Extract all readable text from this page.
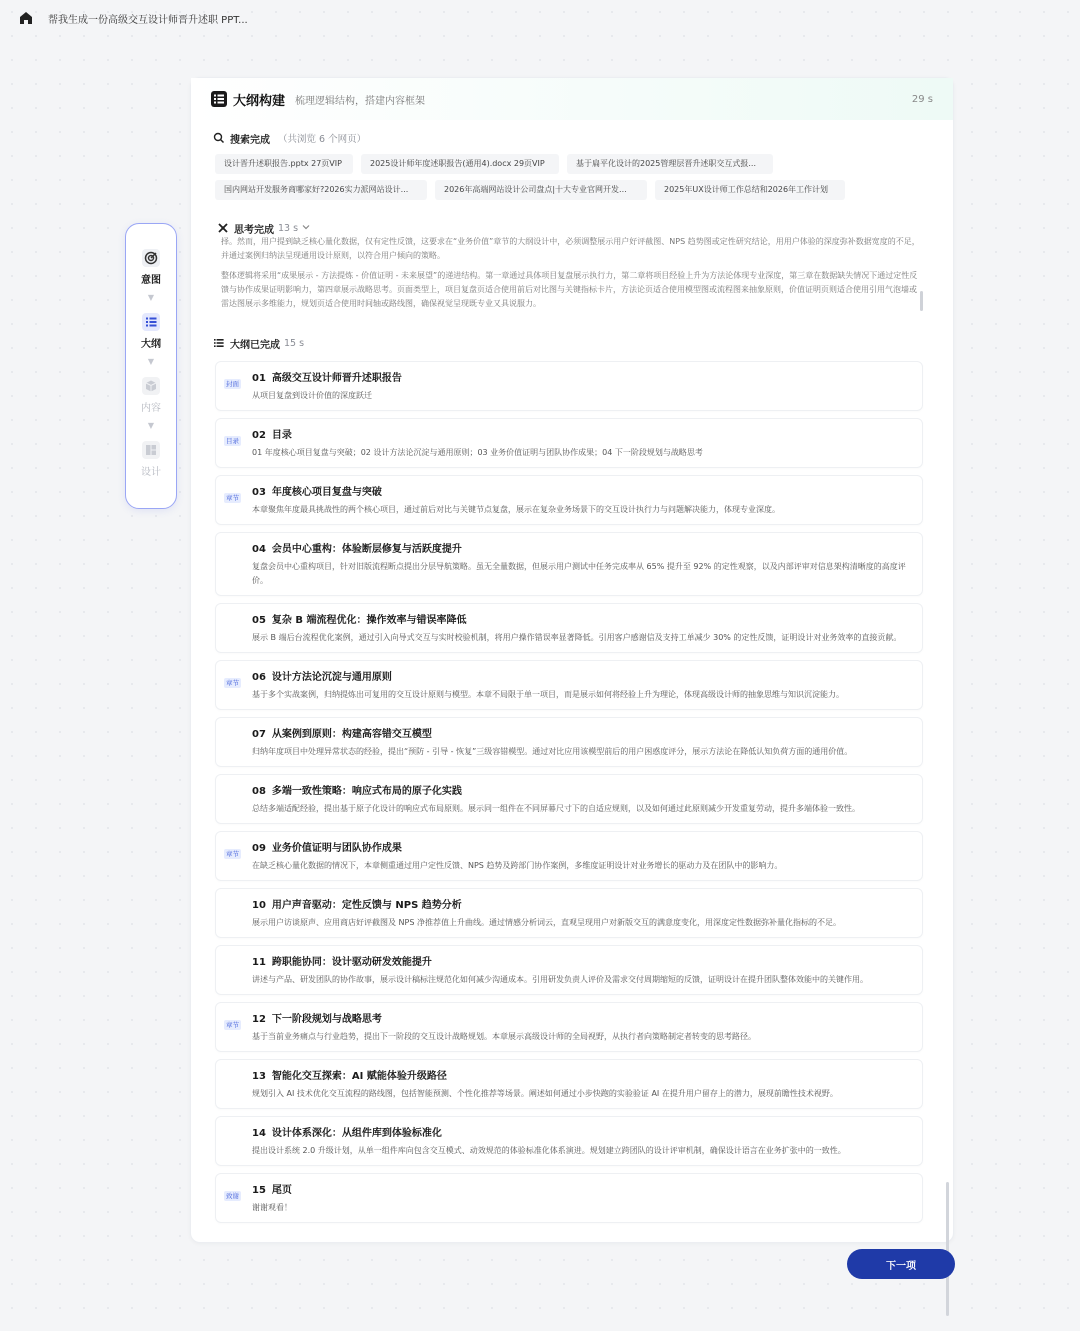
帮我生成一份高级交互设计师晋升述职 PPT...
意图
▼
大纲
▼
内容
▼
设计
大纲构建 梳理逻辑结构，搭建内容框架	29 s
搜索完成 （共浏览 6 个网页）
设计晋升述职报告.pptx 27页VIP	2025设计师年度述职报告(通用4).docx 29页VIP	基于扁平化设计的2025管理层晋升述职交互式报...
国内网站开发服务商哪家好?2026实力派网站设计...	2026年高端网站设计公司盘点|十大专业官网开发...	2025年UX设计师工作总结和2026年工作计划
思考完成 13 s

择。然而，用户提到缺乏核心量化数据，仅有定性反馈，这要求在“业务价值”章节的大纲设计中，必须调整展示用户好评截图、NPS 趋势图或定性研究结论，用用户体验的深度弥补数据宽度的不足，并通过案例归纳法呈现通用设计原则，以符合用户倾向的策略。

整体逻辑将采用“成果展示 - 方法提炼 - 价值证明 - 未来展望”的递进结构。第一章通过具体项目复盘展示执行力，第二章将项目经验上升为方法论体现专业深度，第三章在数据缺失情况下通过定性反馈与协作成果证明影响力，第四章展示战略思考。页面类型上，项目复盘页适合使用前后对比图与关键指标卡片，方法论页适合使用模型图或流程图来抽象原则，价值证明页则适合使用引用气泡墙或雷达图展示多维能力，规划页适合使用时间轴或路线图，确保视觉呈现既专业又具说服力。

大纲已完成 15 s
封面	01 高级交互设计师晋升述职报告
从项目复盘到设计价值的深度跃迁
目录	02 目录
01 年度核心项目复盘与突破；02 设计方法论沉淀与通用原则；03 业务价值证明与团队协作成果；04 下一阶段规划与战略思考
章节	03 年度核心项目复盘与突破
本章聚焦年度最具挑战性的两个核心项目，通过前后对比与关键节点复盘，展示在复杂业务场景下的交互设计执行力与问题解决能力，体现专业深度。
04 会员中心重构：体验断层修复与活跃度提升
复盘会员中心重构项目，针对旧版流程断点提出分层导航策略。虽无全量数据，但展示用户测试中任务完成率从 65% 提升至 92% 的定性观察，以及内部评审对信息架构清晰度的高度评价。
05 复杂 B 端流程优化：操作效率与错误率降低
展示 B 端后台流程优化案例，通过引入向导式交互与实时校验机制，将用户操作错误率显著降低。引用客户感谢信及支持工单减少 30% 的定性反馈，证明设计对业务效率的直接贡献。
章节	06 设计方法论沉淀与通用原则
基于多个实战案例，归纳提炼出可复用的交互设计原则与模型。本章不局限于单一项目，而是展示如何将经验上升为理论，体现高级设计师的抽象思维与知识沉淀能力。
07 从案例到原则：构建高容错交互模型
归纳年度项目中处理异常状态的经验，提出“预防 - 引导 - 恢复”三级容错模型。通过对比应用该模型前后的用户困惑度评分，展示方法论在降低认知负荷方面的通用价值。
08 多端一致性策略：响应式布局的原子化实践
总结多端适配经验，提出基于原子化设计的响应式布局原则。展示同一组件在不同屏幕尺寸下的自适应规则，以及如何通过此原则减少开发重复劳动，提升多端体验一致性。
章节	09 业务价值证明与团队协作成果
在缺乏核心量化数据的情况下，本章侧重通过用户定性反馈、NPS 趋势及跨部门协作案例，多维度证明设计对业务增长的驱动力及在团队中的影响力。
10 用户声音驱动：定性反馈与 NPS 趋势分析
展示用户访谈原声、应用商店好评截图及 NPS 净推荐值上升曲线。通过情感分析词云，直观呈现用户对新版交互的满意度变化，用深度定性数据弥补量化指标的不足。
11 跨职能协同：设计驱动研发效能提升
讲述与产品、研发团队的协作故事，展示设计稿标注规范化如何减少沟通成本。引用研发负责人评价及需求交付周期缩短的反馈，证明设计在提升团队整体效能中的关键作用。
章节	12 下一阶段规划与战略思考
基于当前业务痛点与行业趋势，提出下一阶段的交互设计战略规划。本章展示高级设计师的全局视野，从执行者向策略制定者转变的思考路径。
13 智能化交互探索：AI 赋能体验升级路径
规划引入 AI 技术优化交互流程的路线图，包括智能预测、个性化推荐等场景。阐述如何通过小步快跑的实验验证 AI 在提升用户留存上的潜力，展现前瞻性技术视野。
14 设计体系深化：从组件库到体验标准化
提出设计系统 2.0 升级计划，从单一组件库向包含交互模式、动效规范的体验标准化体系演进。规划建立跨团队的设计评审机制，确保设计语言在业务扩张中的一致性。
致谢	15 尾页
谢谢观看！
下一项
